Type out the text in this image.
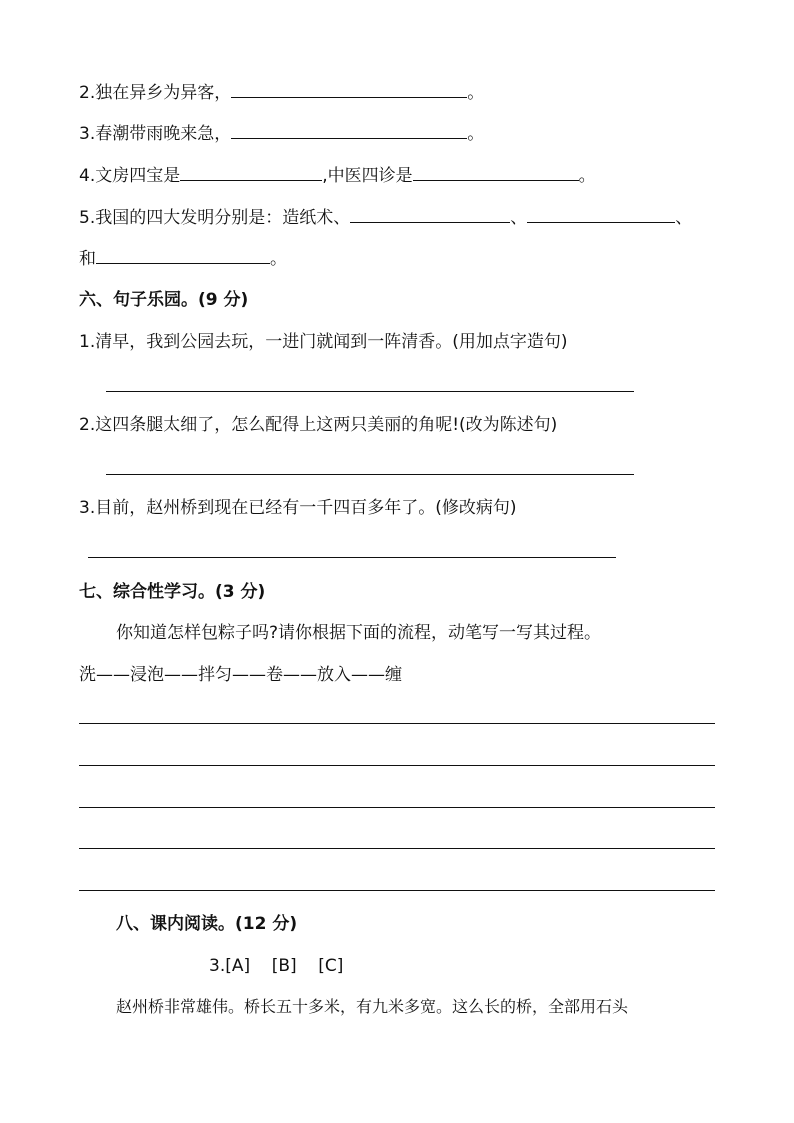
2.独在异乡为异客，	。
3.春潮带雨晚来急，	。
4.文房四宝是	,中医四诊是	。
5.我国的四大发明分别是：造纸术、	、	、
和	。
六、句子乐园。(9 分)
1.清早，我到公园去玩，一进门就闻到一阵清香。(用加点字造句)
2.这四条腿太细了，怎么配得上这两只美丽的角呢!(改为陈述句)
3.目前，赵州桥到现在已经有一千四百多年了。(修改病句)
七、综合性学习。(3 分)
你知道怎样包粽子吗?请你根据下面的流程，动笔写一写其过程。
洗——浸泡——拌匀——卷——放入——缠
八、课内阅读。(12 分)
3.[A]    [B]    [C]
赵州桥非常雄伟。桥长五十多米，有九米多宽。这么长的桥，全部用石头
